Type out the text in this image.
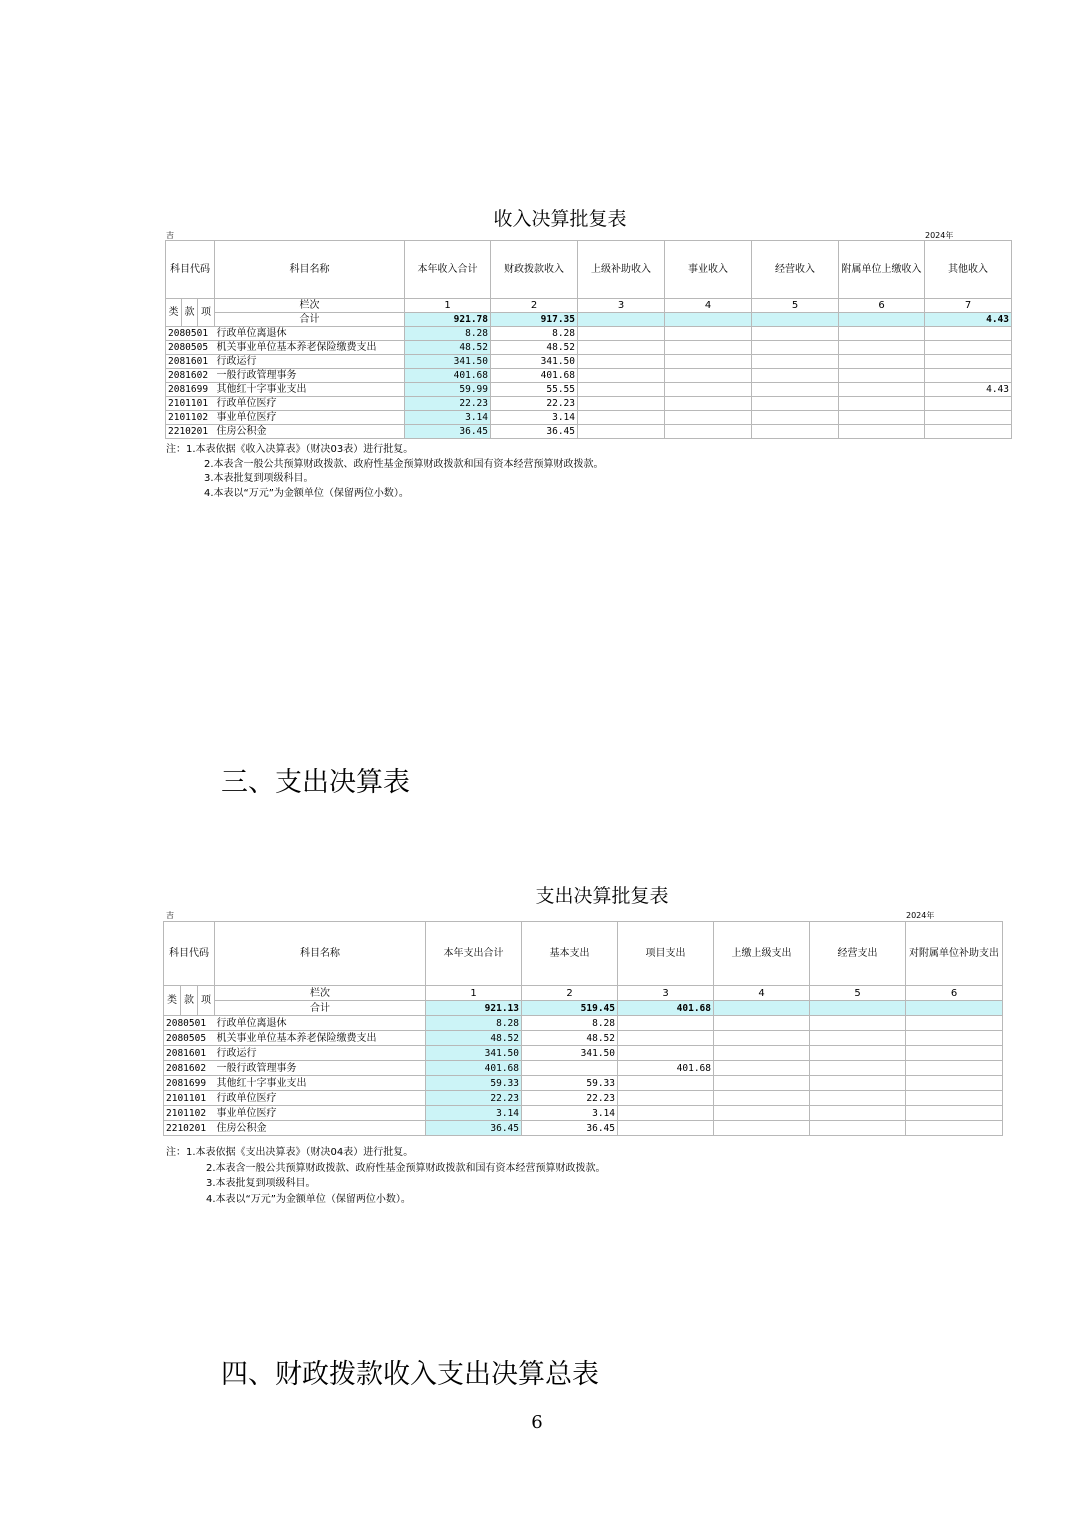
收入决算批复表
吉	2024年
科目代码			科目名称	本年收入合计	财政拨款收入	上级补助收入	事业收入	经营收入	附属单位上缴收入	其他收入
类	款	项	栏次	1	2	3	4	5	6	7
			合计	921.78	917.35					4.43
2080501			行政单位离退休	8.28	8.28					
2080505			机关事业单位基本养老保险缴费支出	48.52	48.52					
2081601			行政运行	341.50	341.50					
2081602			一般行政管理事务	401.68	401.68					
2081699			其他红十字事业支出	59.99	55.55					4.43
2101101			行政单位医疗	22.23	22.23					
2101102			事业单位医疗	3.14	3.14					
2210201			住房公积金	36.45	36.45					
注：1.本表依据《收入决算表》（财决03表）进行批复。
2.本表含一般公共预算财政拨款、政府性基金预算财政拨款和国有资本经营预算财政拨款。
3.本表批复到项级科目。
4.本表以“万元”为金额单位（保留两位小数）。
三、支出决算表
支出决算批复表
吉	2024年
科目代码			科目名称	本年支出合计	基本支出	项目支出	上缴上级支出	经营支出	对附属单位补助支出
类	款	项	栏次	1	2	3	4	5	6
			合计	921.13	519.45	401.68			
2080501			行政单位离退休	8.28	8.28				
2080505			机关事业单位基本养老保险缴费支出	48.52	48.52				
2081601			行政运行	341.50	341.50				
2081602			一般行政管理事务	401.68		401.68			
2081699			其他红十字事业支出	59.33	59.33				
2101101			行政单位医疗	22.23	22.23				
2101102			事业单位医疗	3.14	3.14				
2210201			住房公积金	36.45	36.45				
注：1.本表依据《支出决算表》（财决04表）进行批复。
2.本表含一般公共预算财政拨款、政府性基金预算财政拨款和国有资本经营预算财政拨款。
3.本表批复到项级科目。
4.本表以“万元”为金额单位（保留两位小数）。
四、财政拨款收入支出决算总表
6
